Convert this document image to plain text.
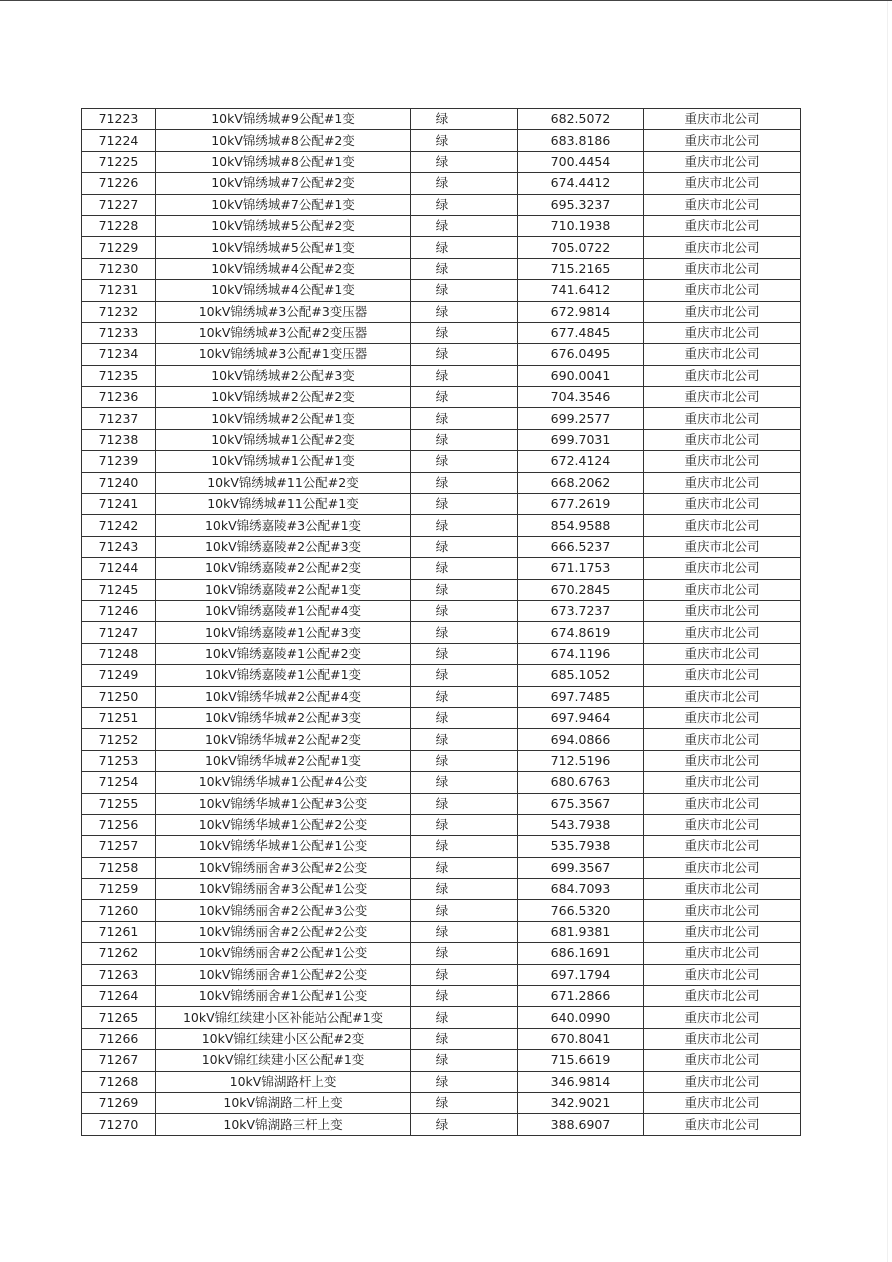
71223	10kV锦绣城#9公配#1变	绿	682.5072	重庆市北公司
71224	10kV锦绣城#8公配#2变	绿	683.8186	重庆市北公司
71225	10kV锦绣城#8公配#1变	绿	700.4454	重庆市北公司
71226	10kV锦绣城#7公配#2变	绿	674.4412	重庆市北公司
71227	10kV锦绣城#7公配#1变	绿	695.3237	重庆市北公司
71228	10kV锦绣城#5公配#2变	绿	710.1938	重庆市北公司
71229	10kV锦绣城#5公配#1变	绿	705.0722	重庆市北公司
71230	10kV锦绣城#4公配#2变	绿	715.2165	重庆市北公司
71231	10kV锦绣城#4公配#1变	绿	741.6412	重庆市北公司
71232	10kV锦绣城#3公配#3变压器	绿	672.9814	重庆市北公司
71233	10kV锦绣城#3公配#2变压器	绿	677.4845	重庆市北公司
71234	10kV锦绣城#3公配#1变压器	绿	676.0495	重庆市北公司
71235	10kV锦绣城#2公配#3变	绿	690.0041	重庆市北公司
71236	10kV锦绣城#2公配#2变	绿	704.3546	重庆市北公司
71237	10kV锦绣城#2公配#1变	绿	699.2577	重庆市北公司
71238	10kV锦绣城#1公配#2变	绿	699.7031	重庆市北公司
71239	10kV锦绣城#1公配#1变	绿	672.4124	重庆市北公司
71240	10kV锦绣城#11公配#2变	绿	668.2062	重庆市北公司
71241	10kV锦绣城#11公配#1变	绿	677.2619	重庆市北公司
71242	10kV锦绣嘉陵#3公配#1变	绿	854.9588	重庆市北公司
71243	10kV锦绣嘉陵#2公配#3变	绿	666.5237	重庆市北公司
71244	10kV锦绣嘉陵#2公配#2变	绿	671.1753	重庆市北公司
71245	10kV锦绣嘉陵#2公配#1变	绿	670.2845	重庆市北公司
71246	10kV锦绣嘉陵#1公配#4变	绿	673.7237	重庆市北公司
71247	10kV锦绣嘉陵#1公配#3变	绿	674.8619	重庆市北公司
71248	10kV锦绣嘉陵#1公配#2变	绿	674.1196	重庆市北公司
71249	10kV锦绣嘉陵#1公配#1变	绿	685.1052	重庆市北公司
71250	10kV锦绣华城#2公配#4变	绿	697.7485	重庆市北公司
71251	10kV锦绣华城#2公配#3变	绿	697.9464	重庆市北公司
71252	10kV锦绣华城#2公配#2变	绿	694.0866	重庆市北公司
71253	10kV锦绣华城#2公配#1变	绿	712.5196	重庆市北公司
71254	10kV锦绣华城#1公配#4公变	绿	680.6763	重庆市北公司
71255	10kV锦绣华城#1公配#3公变	绿	675.3567	重庆市北公司
71256	10kV锦绣华城#1公配#2公变	绿	543.7938	重庆市北公司
71257	10kV锦绣华城#1公配#1公变	绿	535.7938	重庆市北公司
71258	10kV锦绣丽舍#3公配#2公变	绿	699.3567	重庆市北公司
71259	10kV锦绣丽舍#3公配#1公变	绿	684.7093	重庆市北公司
71260	10kV锦绣丽舍#2公配#3公变	绿	766.5320	重庆市北公司
71261	10kV锦绣丽舍#2公配#2公变	绿	681.9381	重庆市北公司
71262	10kV锦绣丽舍#2公配#1公变	绿	686.1691	重庆市北公司
71263	10kV锦绣丽舍#1公配#2公变	绿	697.1794	重庆市北公司
71264	10kV锦绣丽舍#1公配#1公变	绿	671.2866	重庆市北公司
71265	10kV锦红续建小区补能站公配#1变	绿	640.0990	重庆市北公司
71266	10kV锦红续建小区公配#2变	绿	670.8041	重庆市北公司
71267	10kV锦红续建小区公配#1变	绿	715.6619	重庆市北公司
71268	10kV锦湖路杆上变	绿	346.9814	重庆市北公司
71269	10kV锦湖路二杆上变	绿	342.9021	重庆市北公司
71270	10kV锦湖路三杆上变	绿	388.6907	重庆市北公司
